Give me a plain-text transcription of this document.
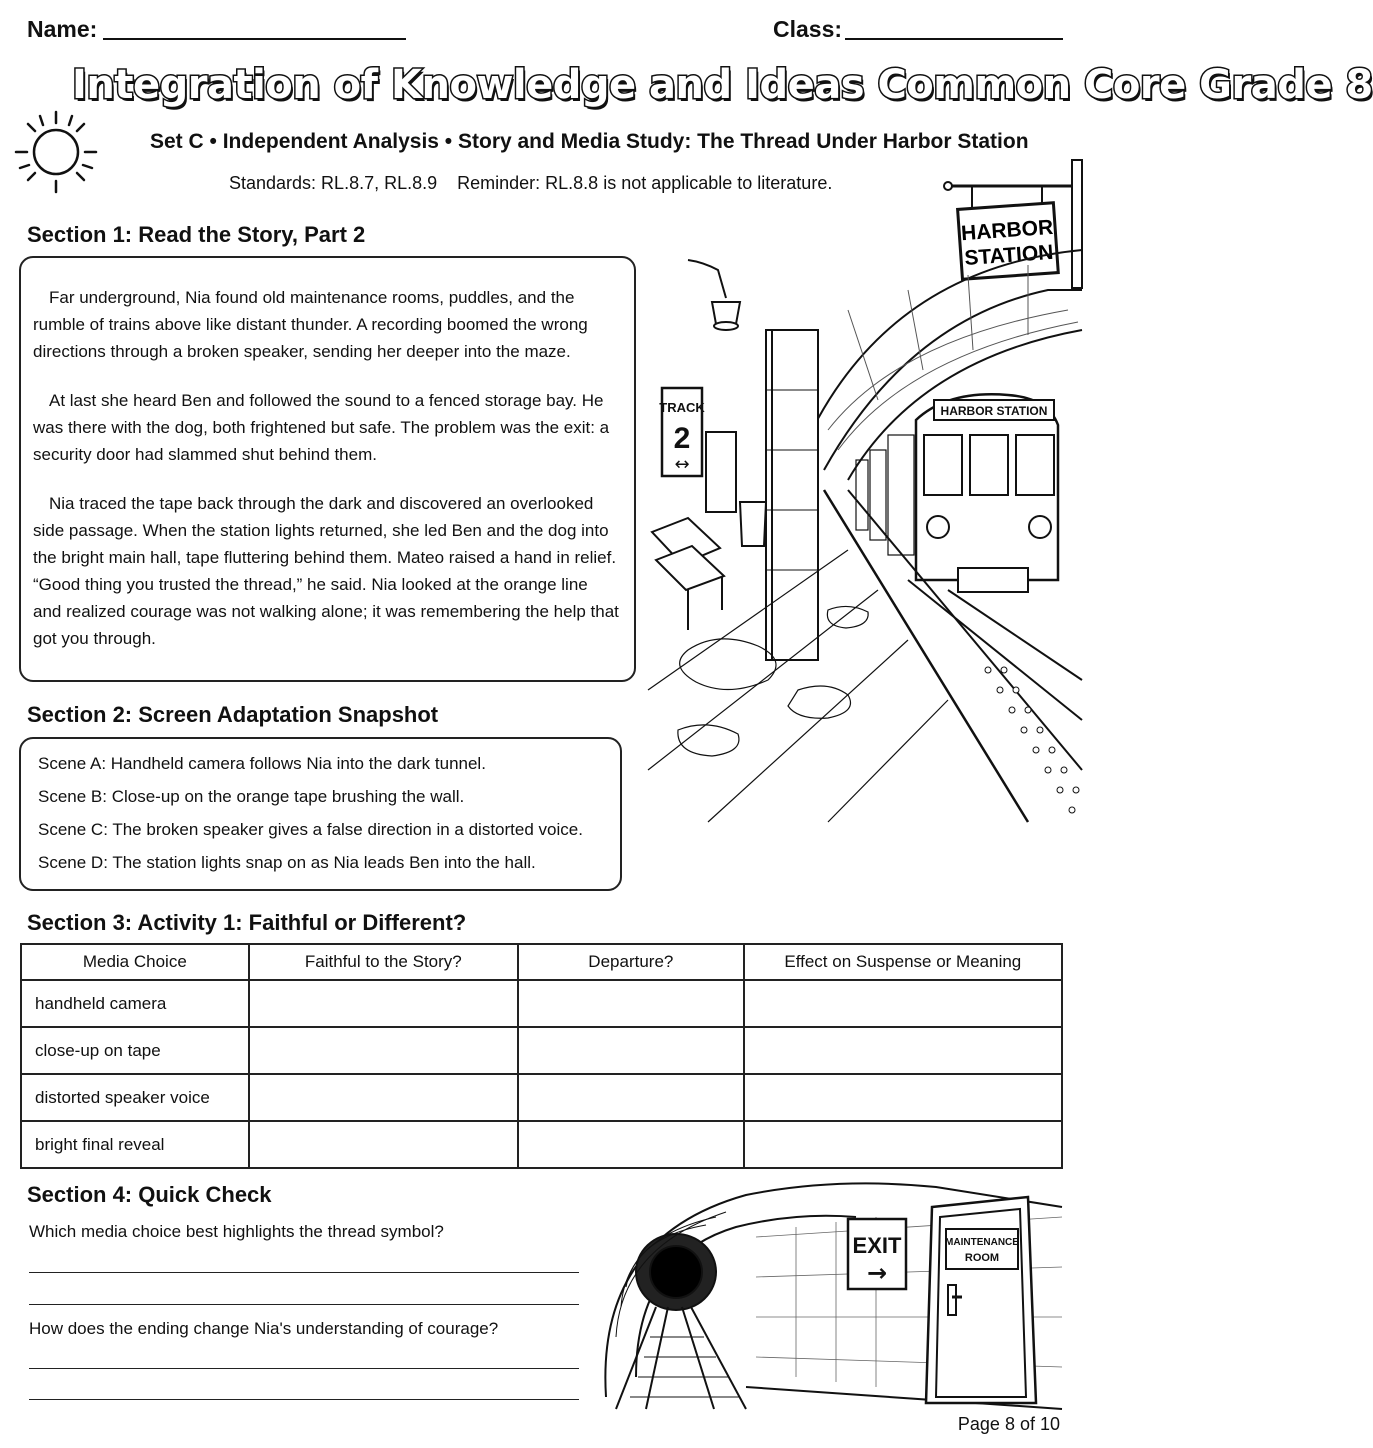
Name:	Class:
Integration of Knowledge and Ideas Common Core Grade 8
Set C • Independent Analysis • Story and Media Study: The Thread Under Harbor Station
Standards: RL.8.7, RL.8.9    Reminder: RL.8.8 is not applicable to literature.
Section 1: Read the Story, Part 2

Far underground, Nia found old maintenance rooms, puddles, and the rumble of trains above like distant thunder. A recording boomed the wrong directions through a broken speaker, sending her deeper into the maze.

At last she heard Ben and followed the sound to a fenced storage bay. He was there with the dog, both frightened but safe. The problem was the exit: a security door had slammed shut behind them.

Nia traced the tape back through the dark and discovered an overlooked side passage. When the station lights returned, she led Ben and the dog into the bright main hall, tape fluttering behind them. Mateo raised a hand in relief. “Good thing you trusted the thread,” he said. Nia looked at the orange line and realized courage was not walking alone; it was remembering the help that got you through.

HARBOR
STATION
TRACK
2
↔
HARBOR STATION
Section 2: Screen Adaptation Snapshot
Scene A: Handheld camera follows Nia into the dark tunnel.
Scene B: Close-up on the orange tape brushing the wall.
Scene C: The broken speaker gives a false direction in a distorted voice.
Scene D: The station lights snap on as Nia leads Ben into the hall.
Section 3: Activity 1: Faithful or Different?
Media Choice	Faithful to the Story?	Departure?	Effect on Suspense or Meaning
handheld camera			
close-up on tape			
distorted speaker voice			
bright final reveal			
Section 4: Quick Check
Which media choice best highlights the thread symbol?
How does the ending change Nia's understanding of courage?
EXIT
→
MAINTENANCE
ROOM
Page 8 of 10
